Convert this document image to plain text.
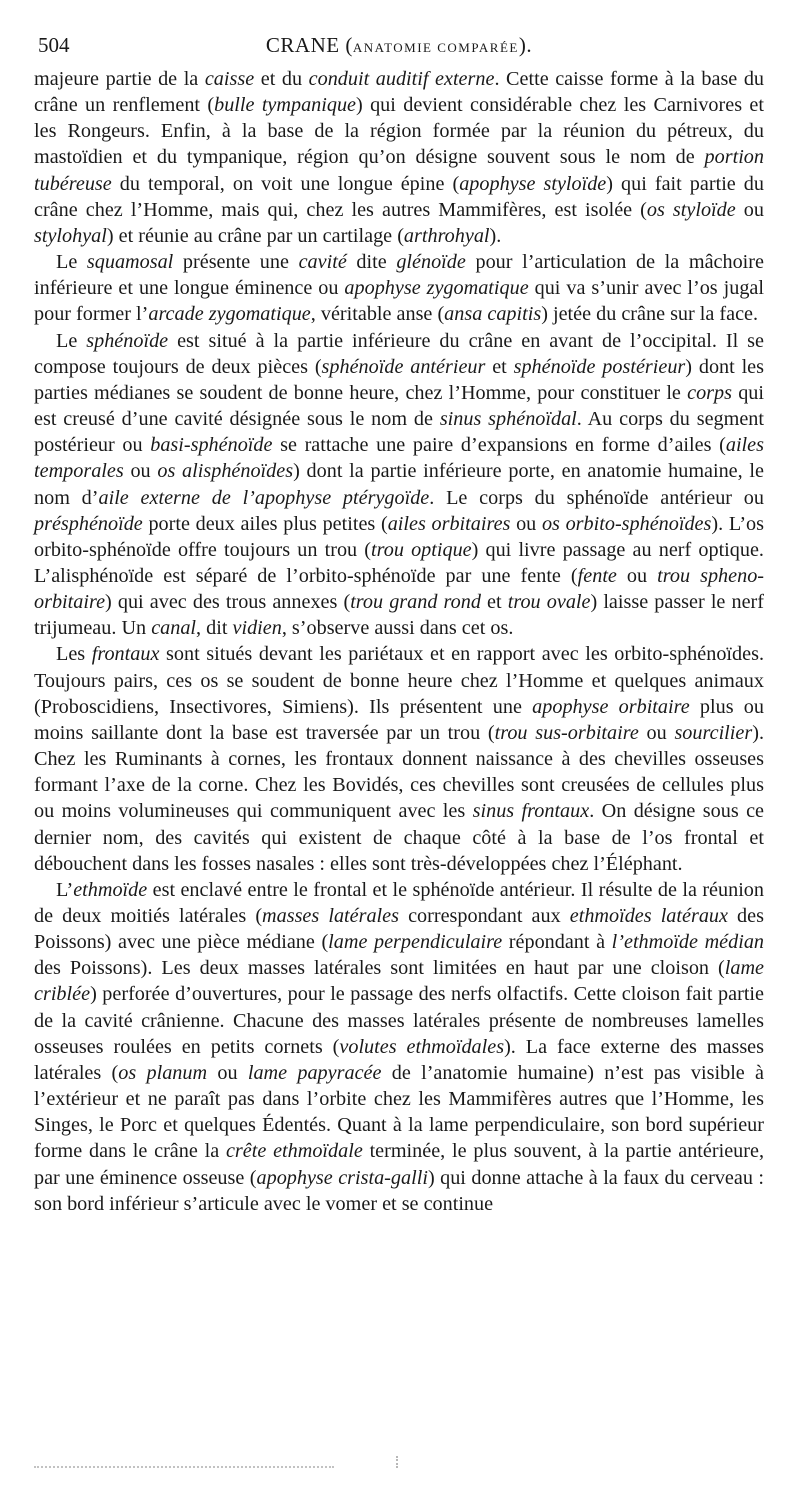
504	CRANE (ANATOMIE COMPARÉE).

majeure partie de la caisse et du conduit auditif externe. Cette caisse forme à la base du crâne un renflement (bulle tympanique) qui devient considérable chez les Carnivores et les Rongeurs. Enfin, à la base de la région formée par la réunion du pétreux, du mastoïdien et du tympanique, région qu’on désigne souvent sous le nom de portion tubéreuse du temporal, on voit une longue épine (apophyse styloïde) qui fait partie du crâne chez l’Homme, mais qui, chez les autres Mammifères, est isolée (os styloïde ou stylohyal) et réunie au crâne par un cartilage (arthrohyal).

Le squamosal présente une cavité dite glénoïde pour l’articulation de la mâchoire inférieure et une longue éminence ou apophyse zygomatique qui va s’unir avec l’os jugal pour former l’arcade zygomatique, véritable anse (ansa capitis) jetée du crâne sur la face.

Le sphénoïde est situé à la partie inférieure du crâne en avant de l’occipital. Il se compose toujours de deux pièces (sphénoïde antérieur et sphénoïde postérieur) dont les parties médianes se soudent de bonne heure, chez l’Homme, pour constituer le corps qui est creusé d’une cavité désignée sous le nom de sinus sphénoïdal. Au corps du segment postérieur ou basi-sphénoïde se rattache une paire d’expansions en forme d’ailes (ailes temporales ou os alisphénoïdes) dont la partie inférieure porte, en anatomie humaine, le nom d’aile externe de l’apophyse ptérygoïde. Le corps du sphénoïde antérieur ou présphénoïde porte deux ailes plus petites (ailes orbitaires ou os orbito-sphénoïdes). L’os orbito-sphénoïde offre toujours un trou (trou optique) qui livre passage au nerf optique. L’alisphénoïde est séparé de l’orbito-sphénoïde par une fente (fente ou trou spheno-orbitaire) qui avec des trous annexes (trou grand rond et trou ovale) laisse passer le nerf trijumeau. Un canal, dit vidien, s’observe aussi dans cet os.

Les frontaux sont situés devant les pariétaux et en rapport avec les orbito-sphénoïdes. Toujours pairs, ces os se soudent de bonne heure chez l’Homme et quelques animaux (Proboscidiens, Insectivores, Simiens). Ils présentent une apophyse orbitaire plus ou moins saillante dont la base est traversée par un trou (trou sus-orbitaire ou sourcilier). Chez les Ruminants à cornes, les frontaux donnent naissance à des chevilles osseuses formant l’axe de la corne. Chez les Bovidés, ces chevilles sont creusées de cellules plus ou moins volumineuses qui communiquent avec les sinus frontaux. On désigne sous ce dernier nom, des cavités qui existent de chaque côté à la base de l’os frontal et débouchent dans les fosses nasales : elles sont très-développées chez l’Éléphant.

L’ethmoïde est enclavé entre le frontal et le sphénoïde antérieur. Il résulte de la réunion de deux moitiés latérales (masses latérales correspondant aux ethmoïdes latéraux des Poissons) avec une pièce médiane (lame perpendiculaire répondant à l’ethmoïde médian des Poissons). Les deux masses latérales sont limitées en haut par une cloison (lame criblée) perforée d’ouvertures, pour le passage des nerfs olfactifs. Cette cloison fait partie de la cavité crânienne. Chacune des masses latérales présente de nombreuses lamelles osseuses roulées en petits cornets (volutes ethmoïdales). La face externe des masses latérales (os planum ou lame papyracée de l’anatomie humaine) n’est pas visible à l’extérieur et ne paraît pas dans l’orbite chez les Mammifères autres que l’Homme, les Singes, le Porc et quelques Édentés. Quant à la lame perpendiculaire, son bord supérieur forme dans le crâne la crête ethmoïdale terminée, le plus souvent, à la partie antérieure, par une éminence osseuse (apophyse crista-galli) qui donne attache à la faux du cerveau : son bord inférieur s’articule avec le vomer et se continue
